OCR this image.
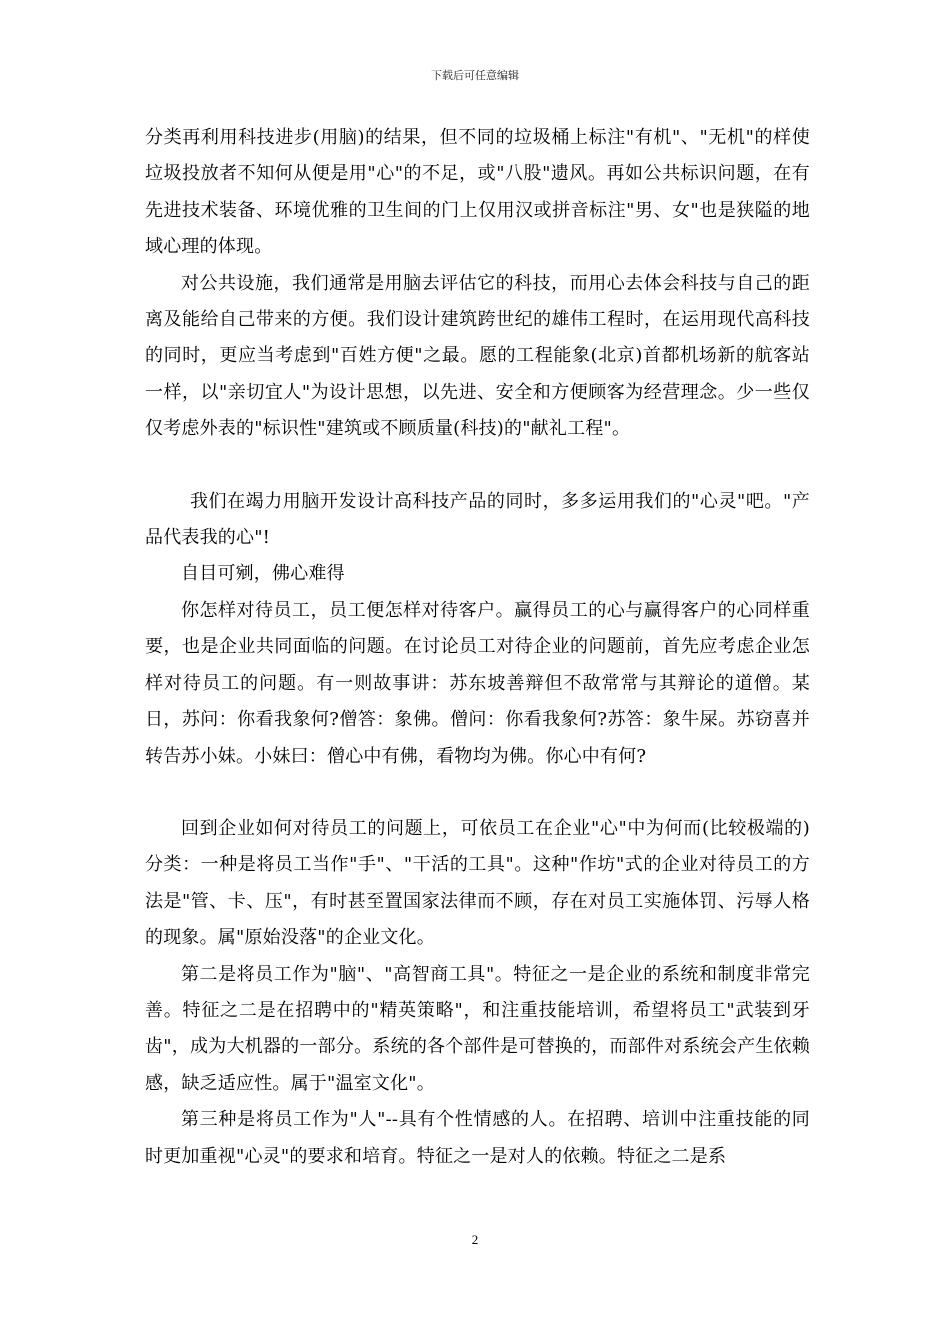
下载后可任意编辑

分类再利用科技进步(用脑)的结果，但不同的垃圾桶上标注"有机"、"无机"的样使垃圾投放者不知何从便是用"心"的不足，或"八股"遗风。再如公共标识问题，在有先进技术装备、环境优雅的卫生间的门上仅用汉或拼音标注"男、女"也是狭隘的地域心理的体现。

对公共设施，我们通常是用脑去评估它的科技，而用心去体会科技与自己的距离及能给自己带来的方便。我们设计建筑跨世纪的雄伟工程时，在运用现代高科技的同时，更应当考虑到"百姓方便"之最。愿的工程能象(北京)首都机场新的航客站一样，以"亲切宜人"为设计思想，以先进、安全和方便顾客为经营理念。少一些仅仅考虑外表的"标识性"建筑或不顾质量(科技)的"献礼工程"。

我们在竭力用脑开发设计高科技产品的同时，多多运用我们的"心灵"吧。"产品代表我的心"!

自目可剜，佛心难得

你怎样对待员工，员工便怎样对待客户。赢得员工的心与赢得客户的心同样重要，也是企业共同面临的问题。在讨论员工对待企业的问题前，首先应考虑企业怎样对待员工的问题。有一则故事讲：苏东坡善辩但不敌常常与其辩论的道僧。某日，苏问：你看我象何?僧答：象佛。僧问：你看我象何?苏答：象牛屎。苏窃喜并转告苏小妹。小妹曰：僧心中有佛，看物均为佛。你心中有何?

回到企业如何对待员工的问题上，可依员工在企业"心"中为何而(比较极端的)分类：一种是将员工当作"手"、"干活的工具"。这种"作坊"式的企业对待员工的方法是"管、卡、压"，有时甚至置国家法律而不顾，存在对员工实施体罚、污辱人格的现象。属"原始没落"的企业文化。

第二是将员工作为"脑"、"高智商工具"。特征之一是企业的系统和制度非常完善。特征之二是在招聘中的"精英策略"，和注重技能培训，希望将员工"武装到牙齿"，成为大机器的一部分。系统的各个部件是可替换的，而部件对系统会产生依赖感，缺乏适应性。属于"温室文化"。

第三种是将员工作为"人"--具有个性情感的人。在招聘、培训中注重技能的同时更加重视"心灵"的要求和培育。特征之一是对人的依赖。特征之二是系

2
